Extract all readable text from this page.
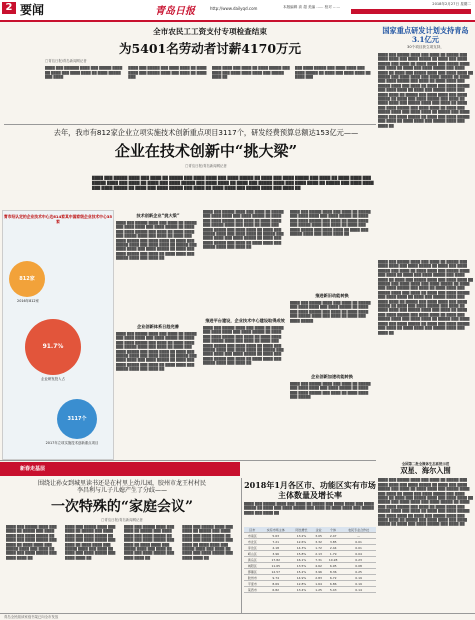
2 要闻	青岛日报	http://www.dailyqd.com	本版编辑 高 超 美编 …… 校对 ……
2018年2月27日 星期二
全市农民工工资支付专项检查结束
为5401名劳动者讨薪4170万元
□青岛日报/青岛新闻网记者
████ ███ ██████ ████ ███ █████ ████ ██ ████ ███ ████ ████ ██ ████ █████ ███ ████
████ ███ █████ ███ ████ ████ ██ ████ ████ ███ █████ ████ ███ ████ ██ ████ ███
████ ████ ███ ████ ██ ████ █████ ███ ████ ███ ████ ████ ████ ███ █████ ████ ██
███ ████ █████ ███ ████ ████ ███ ████ █████ ██ ████ ███ ████ ████ ██ ████ ███
国家重点研发计划支持青岛3.1亿元
30个项目获立项支持，
████ ███ █████ ████ ███ ████ ██ █████ ███ ████ ████ ███ ████ █████ ██ ████ ███ ████ █████ ███ ████ ██ ████ ████ ███ █████ ████ ███ ████ ██ ████ ███ ████ █████ ███ ████ ████ ██ ████ ███ █████ ████ ███ ████ ████ ██ █████ ███ ████ ████ ███ ████ █████ ██ ████ ███ ████ █████ ███ ████ ██ ████ ████ ███ █████ ████ ███ ████ ██ ████ ███ ████ █████ ███ ████ ████ ██ ████ ███ █████ ████ ███ ████ ████ ██ █████ ███ ████ ████ ███ ████ █████ ██ ████ ███ ████ █████ ███ ████ ██ ████ ████ ███ █████ ████ ███ ████ ██ ████ ███ ████ █████ ███ ████ ████ ██ ████ ███ █████ ████ ███ ████ ████ ██ █████ ███ ████ ████ ███ ████ █████ ██ ████ ███ ████ █████ ███ ████ ██ ████ ████ ███ █████ ████ ███ ████ ██
去年，我市有812家企业立项实施技术创新重点项目3117个，研发经费预算总额达153亿元——
企业在技术创新中“挑大梁”
□青岛日报/青岛新闻网记者
████ ███ █████ ████ ███ ████ ██ █████ ███ ████ ████ ███ ████ █████ ██ ████ ███ ████ █████ ███ ████ ██ ████ ████ ███ █████ ████ ███ ████ ██ ████ ███ ████ █████ ███ ████ ████ ██ ████ ███ █████ ████ ███ ████ ████ ██ █████ ███ ████ ████ ███ ████ █████ ██ ████ ███ ████ █████ ███ ████ ██ ████ ████ ███ █████ ████ ███ ████ ██
青市经认定的企业技术中心达614家其中国家级企业技术中心35家
812家
2016年812家
91.7%
企业研发投入占
3117个
2017年立项实施技术创新重点项目
技术创新企业“挑大梁”
████ ███ █████ ████ ███ ████ ██ █████ ███ ████ ████ ███ ████ █████ ██ ████ ███ ████ █████ ███ ████ ██ ████ ████ ███ █████ ████ ███ ████ ██ ████ ███ ████ █████ ███ ████ ████ ██ ████ ███ █████ ████ ███ ████ ████ ██ █████ ███ ████ ████ ███ ████ █████ ██ ████ ███ ████ █████ ███ ████ ██ ████ ████ ███ █████ ████ ███ ████ ██
企业创新体系日趋完善
████ ███ █████ ████ ███ ████ ██ █████ ███ ████ ████ ███ ████ █████ ██ ████ ███ ████ █████ ███ ████ ██ ████ ████ ███ █████ ████ ███ ████ ██ ████ ███ ████ █████ ███ ████ ████ ██ ████ ███ █████ ████ ███ ████ ████ ██ █████ ███ ████ ████ ███ ████ █████ ██ ████ ███ ████ █████ ███ ████ ██ ████ ████ ███ █████ ████ ███ ████ ██
████ ███ █████ ████ ███ ████ ██ █████ ███ ████ ████ ███ ████ █████ ██ ████ ███ ████ █████ ███ ████ ██ ████ ████ ███ █████ ████ ███ ████ ██ ████ ███ ████ █████ ███ ████ ████ ██ ████ ███ █████ ████ ███ ████ ████ ██ █████ ███ ████ ████ ███ ████ █████ ██ ████ ███ ████ █████ ███ ████ ██ ████ ████ ███ █████ ████ ███ ████ ██
推进平台建设，企业技术中心建设取得成效
████ ███ █████ ████ ███ ████ ██ █████ ███ ████ ████ ███ ████ █████ ██ ████ ███ ████ █████ ███ ████ ██ ████ ████ ███ █████ ████ ███ ████ ██ ████ ███ ████ █████ ███ ████ ████ ██ ████ ███ █████ ████ ███ ████ ████ ██ █████ ███ ████ ████ ███ ████ █████ ██ ████ ███ ████ █████ ███ ████ ██ ████ ████ ███ █████ ████ ███ ████ ██
████ ███ █████ ████ ███ ████ ██ █████ ███ ████ ████ ███ ████ █████ ██ ████ ███ ████ █████ ███ ████ ██ ████ ████ ███ █████ ████ ███ ████ ██ ████ ███ ████ █████ ███ ████ ████ ██ ████ ███ █████ ████ ███ ████ ████ ██
推进新旧动能转换
████ ███ █████ ████ ███ ████ ██ █████ ███ ████ ████ ███ ████ █████ ██ ████ ███ ████ █████ ███ ████ ██ ████ ████ ███ █████ ████ ███ ████ ██ ████ ███ ████ █████
企业创新加速动能转换
████ ███ █████ ████ ███ ████ ██ █████ ███ ████ ████ ███ ████ █████ ██ ████ ███ ████ █████ ███ ████ ██ ████ ████ ███ █████
████ ███ █████ ████ ███ ████ ██ █████ ███ ████ ████ ███ ████ █████ ██ ████ ███ ████ █████ ███ ████ ██ ████ ████ ███ █████ ████ ███ ████ ██ ████ ███ ████ █████ ███ ████ ████ ██ ████ ███ █████ ████ ███ ████ ████ ██ █████ ███ ████ ████ ███ ████ █████ ██ ████ ███ ████ █████ ███ ████ ██ ████ ████ ███ █████ ████ ███ ████ ██ ████ ███ ████ █████ ███ ████ ████ ██ ████ ███ █████ ████ ███ ████ ████ ██ █████ ███ ████ ████ ███ ████ █████ ██ ████ ███ ████ █████ ███ ████ ██ ████ ████ ███ █████ ████ ███ ████ ██ ████ ███ ████ █████ ███ ████ ████ ██ ████ ███ █████ ████ ███ ████ ████ ██ █████ ███ ████ ████ ███ ████ █████ ██ ████ ███ ████ █████ ███ ████ ██ ████ ████ ███ █████ ████ ███ ████ ██
全国第二批全媒体生态系统示范
双星、海尔入围
████ ███ █████ ████ ███ ████ ██ █████ ███ ████ ████ ███ ████ █████ ██ ████ ███ ████ █████ ███ ████ ██ ████ ████ ███ █████ ████ ███ ████ ██ ████ ███ ████ █████ ███ ████ ████ ██ ████ ███ █████ ████ ███ ████ ████ ██ █████ ███ ████ ████ ███ ████ █████ ██ ████ ███ ████ █████ ███ ████ ██ ████ ████ ███ █████ ████ ███ ████ ██ ████ ███ ████ █████ ███ ████ ████ ██ ████ ███ █████ ████ ███ ████ ████ ██ █████ ███ ████ ████ ███ ████ █████ ██ ████ ███ ████ █████ ███ ████ ██
新春走基层
围绕让孙女到城里读书还是在村里上幼儿园，胶州市龙王村村民
李昌利与儿子儿媳产生了分歧——
一次特殊的“家庭会议”
□青岛日报/青岛新闻网记者
████ ███ █████ ████ ███ ████ ██ █████ ███ ████ ████ ███ ████ █████ ██ ████ ███ ████ █████ ███ ████ ██ ████ ████ ███ █████ ████ ███ ████ ██ ████ ███ ████ █████ ███ ████ ████ ██
████ ███ █████ ████ ███ ████ ██ █████ ███ ████ ████ ███ ████ █████ ██ ████ ███ ████ █████ ███ ████ ██ ████ ████ ███ █████ ████ ███ ████ ██ ████ ███ ████ █████ ███ ████ ████ ██
████ ███ █████ ████ ███ ████ ██ █████ ███ ████ ████ ███ ████ █████ ██ ████ ███ ████ █████ ███ ████ ██ ████ ████ ███ █████ ████ ███ ████ ██ ████ ███ ████ █████ ███ ████ ████ ██
████ ███ █████ ████ ███ ████ ██ █████ ███ ████ ████ ███ ████ █████ ██ ████ ███ ████ █████ ███ ████ ██ ████ ████ ███ █████ ████ ███ ████ ██ ████ ███ ████ █████ ███ ████ ████ ██
2018年1月各区市、功能区实有市场主体数量及增长率
████ ███ █████ ████ ███ ████ ██ █████ ███ ████ ████ ███ ████ █████ ██ ████ ███ ████ █████ ███ ████ ██ ████ ████ ███ █████ ████ ███ ████ ██
区市	实有市场主体	同比增长	企业	个体	农民专业合作社
市南区	5.63	13.2%	3.05	2.47	—
市北区	7.21	12.6%	3.32	3.85	0.01
李沧区	4.18	14.3%	1.72	2.44	0.01
崂山区	3.96	15.8%	2.13	1.79	0.04
黄岛区	17.82	16.1%	7.31	10.28	0.23
城阳区	11.65	13.5%	4.62	6.95	0.08
即墨区	12.57	15.2%	3.96	8.36	0.25
胶州市	9.74	14.9%	2.83	6.72	0.19
平度市	8.69	12.8%	1.64	6.86	0.19
莱西市	6.82	13.4%	1.25	5.43	0.14
青岛全民阅读家庭书架已向全市发放
